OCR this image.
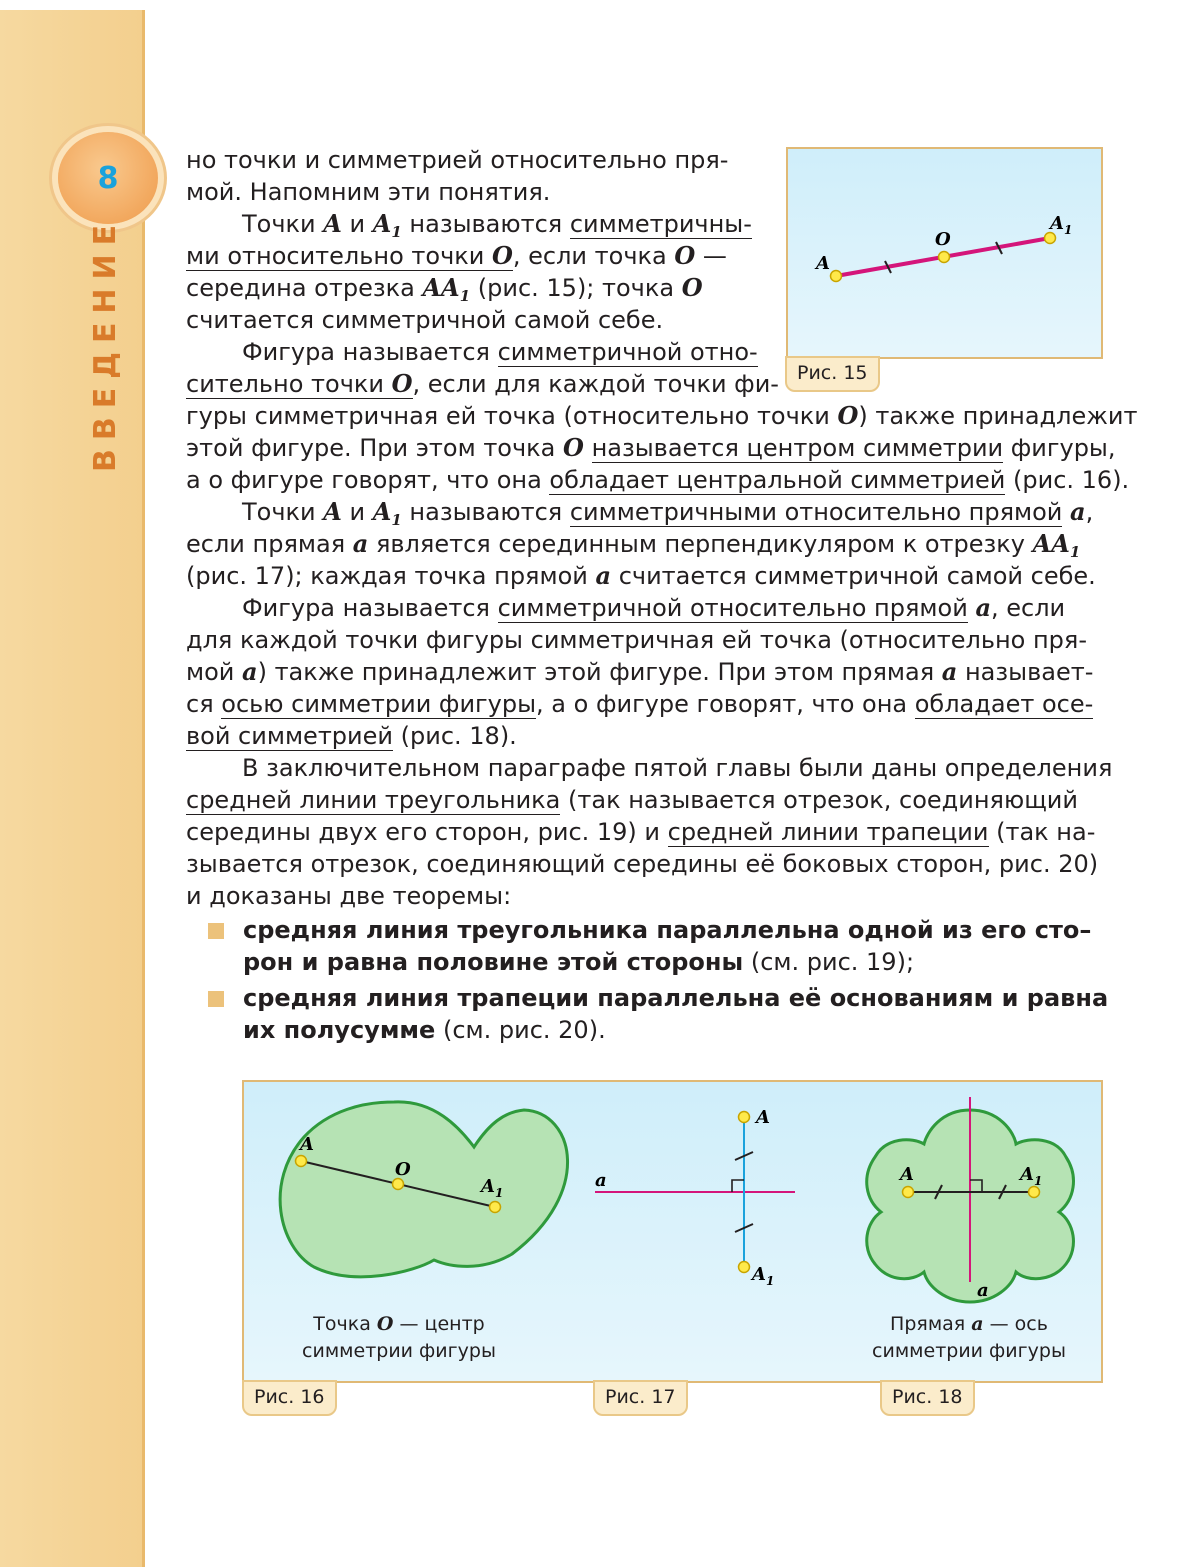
8
ВВЕДЕНИЕ	A
O
A 1
Рис. 15
но точки и симметрией относительно пря-
мой. Напомним эти понятия.
Точки A и $A_1$ называются симметричны-
ми относительно точки O, если точка O —
середина отрезка $AA_1$ (рис. 15); точка O
считается симметричной самой себе.
Фигура называется симметричной отно-
сительно точки O, если для каждой точки фи-
гуры симметричная ей точка (относительно точки O) также принадлежит
этой фигуре. При этом точка O называется центром симметрии фигуры,
а о фигуре говорят, что она обладает центральной симметрией (рис. 16).
Точки A и $A_1$ называются симметричными относительно прямой a,
если прямая a является серединным перпендикуляром к отрезку $AA_1$
(рис. 17); каждая точка прямой a считается симметричной самой себе.
Фигура называется симметричной относительно прямой a, если
для каждой точки фигуры симметричная ей точка (относительно пря-
мой a) также принадлежит этой фигуре. При этом прямая a называет-
ся осью симметрии фигуры, а о фигуре говорят, что она обладает осе-
вой симметрией (рис. 18).
В заключительном параграфе пятой главы были даны определения
средней линии треугольника (так называется отрезок, соединяющий
середины двух его сторон, рис. 19) и средней линии трапеции (так на-
зывается отрезок, соединяющий середины её боковых сторон, рис. 20)
и доказаны две теоремы:
средняя линия треугольника параллельна одной из его сто–
рон и равна половине этой стороны (см. рис. 19);
средняя линия трапеции параллельна её основаниям и равна
их полусумме (см. рис. 20).
A
O
A 1
A
A 1
a	A	A 1
a
Точка O — центр
симметрии фигуры
Прямая a — ось
симметрии фигуры
Рис. 16	Рис. 17	Рис. 18
